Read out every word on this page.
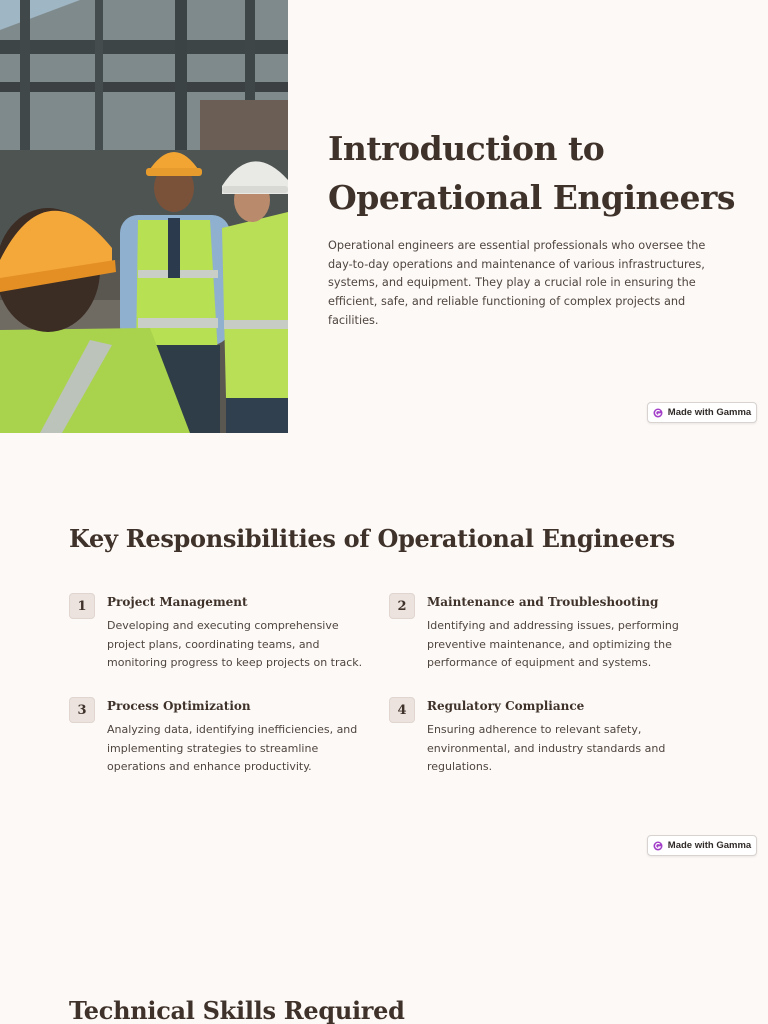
Introduction to
Operational Engineers

Operational engineers are essential professionals who oversee the day-to-day operations and maintenance of various infrastructures, systems, and equipment. They play a crucial role in ensuring the efficient, safe, and reliable functioning of complex projects and facilities.

Made with Gamma
Key Responsibilities of Operational Engineers
1	Project Management

Developing and executing comprehensive project plans, coordinating teams, and monitoring progress to keep projects on track.

2	Maintenance and Troubleshooting

Identifying and addressing issues, performing preventive maintenance, and optimizing the performance of equipment and systems.

3	Process Optimization

Analyzing data, identifying inefficiencies, and implementing strategies to streamline operations and enhance productivity.

4	Regulatory Compliance

Ensuring adherence to relevant safety, environmental, and industry standards and regulations.

Made with Gamma
Technical Skills Required
